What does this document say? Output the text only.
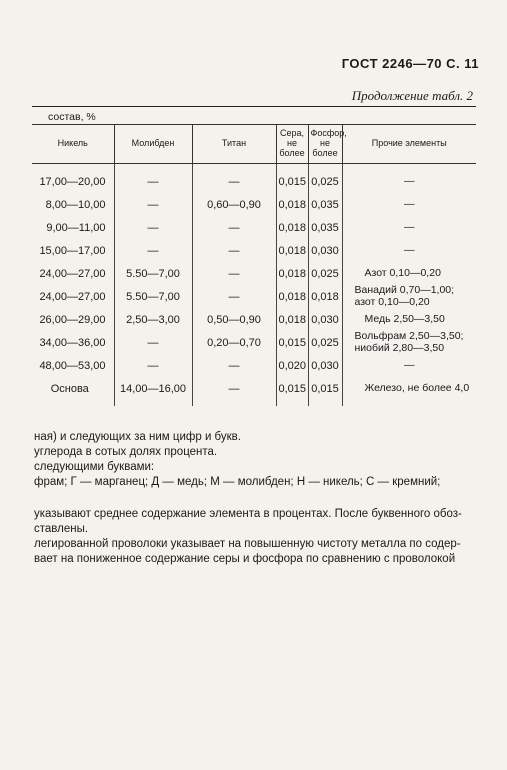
ГОСТ 2246—70 С. 11
Продолжение табл. 2
состав, %
Никель	Молибден	Титан	Сера, не более	Фосфор, не более	Прочие элементы
17,00—20,00	—	—	0,015	0,025	—
8,00—10,00	—	0,60—0,90	0,018	0,035	—
9,00—11,00	—	—	0,018	0,035	—
15,00—17,00	—	—	0,018	0,030	—
24,00—27,00	5.50—7,00	—	0,018	0,025	Азот 0,10—0,20
24,00—27,00	5.50—7,00	—	0,018	0,018	Ванадий 0,70—1,00; азот 0,10—0,20
26,00—29,00	2,50—3,00	0,50—0,90	0,018	0,030	Медь 2,50—3,50
34,00—36,00	—	0,20—0,70	0,015	0,025	Вольфрам 2,50—3,50; ниобий 2,80—3,50
48,00—53,00	—	—	0,020	0,030	—
Основа	14,00—16,00	—	0,015	0,015	Железо, не более 4,0

ная) и следующих за ним цифр и букв.

углерода в сотых долях процента.

следующими буквами:

фрам; Г — марганец; Д — медь; М — молибден; Н — никель; С — кремний;

указывают среднее содержание элемента в процентах. После буквенного обоз-

ставлены.

легированной проволоки указывает на повышенную чистоту металла по содер-

вает на пониженное содержание серы и фосфора по сравнению с проволокой
